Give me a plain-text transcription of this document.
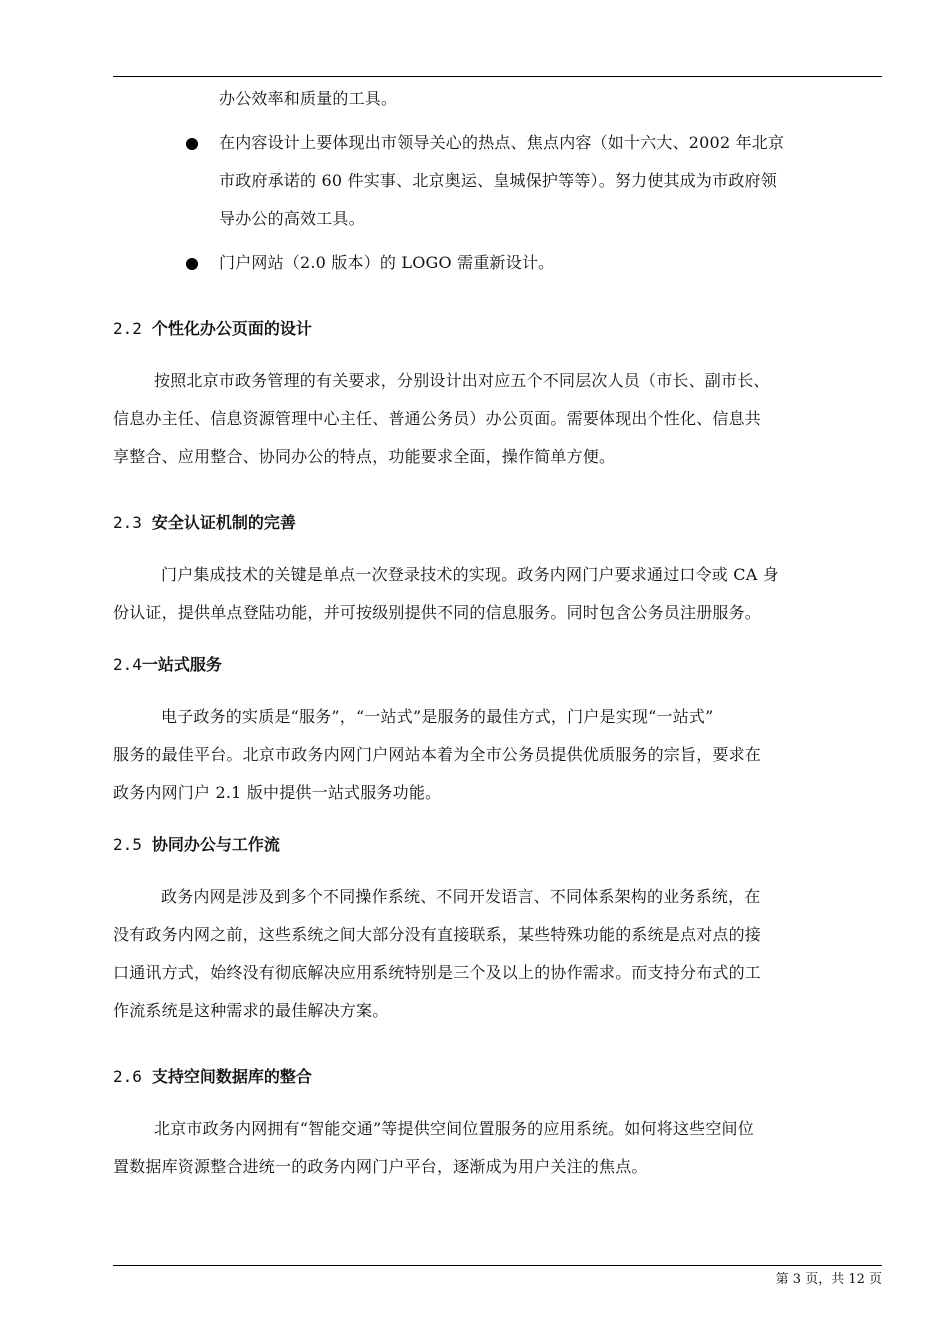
办公效率和质量的工具。
在内容设计上要体现出市领导关心的热点、焦点内容（如十六大、2002 年北京
市政府承诺的 60 件实事、北京奥运、皇城保护等等）。努力使其成为市政府领
导办公的高效工具。
门户网站（2.0 版本）的 LOGO 需重新设计。
2.2 个性化办公页面的设计
按照北京市政务管理的有关要求，分别设计出对应五个不同层次人员（市长、副市长、
信息办主任、信息资源管理中心主任、普通公务员）办公页面。需要体现出个性化、信息共
享整合、应用整合、协同办公的特点，功能要求全面，操作简单方便。
2.3 安全认证机制的完善
门户集成技术的关键是单点一次登录技术的实现。政务内网门户要求通过口令或 CA 身
份认证，提供单点登陆功能，并可按级别提供不同的信息服务。同时包含公务员注册服务。
2.4一站式服务
电子政务的实质是“服务”，“一站式”是服务的最佳方式，门户是实现“一站式”
服务的最佳平台。北京市政务内网门户网站本着为全市公务员提供优质服务的宗旨，要求在
政务内网门户 2.1 版中提供一站式服务功能。
2.5 协同办公与工作流
政务内网是涉及到多个不同操作系统、不同开发语言、不同体系架构的业务系统，在
没有政务内网之前，这些系统之间大部分没有直接联系，某些特殊功能的系统是点对点的接
口通讯方式，始终没有彻底解决应用系统特别是三个及以上的协作需求。而支持分布式的工
作流系统是这种需求的最佳解决方案。
2.6 支持空间数据库的整合
北京市政务内网拥有“智能交通”等提供空间位置服务的应用系统。如何将这些空间位
置数据库资源整合进统一的政务内网门户平台，逐渐成为用户关注的焦点。
第 3 页，共 12 页
